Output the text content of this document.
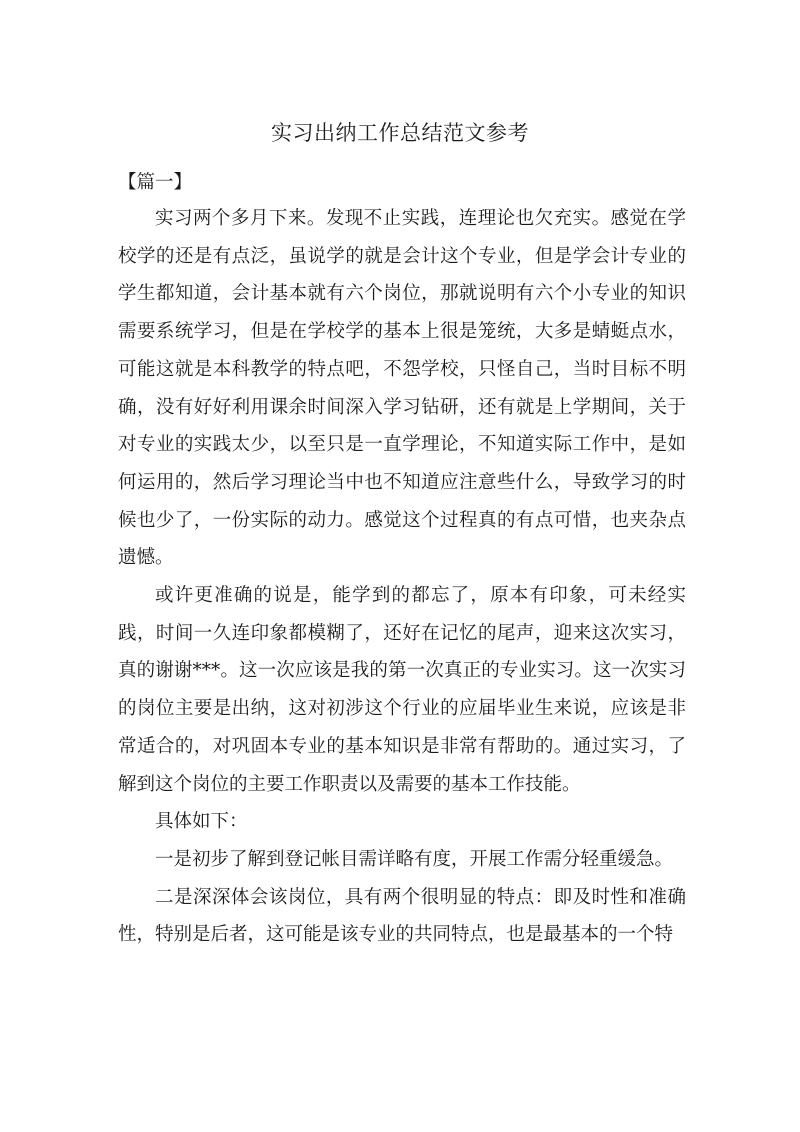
实习出纳工作总结范文参考
【篇一】

实习两个多月下来。发现不止实践，连理论也欠充实。感觉在学校学的还是有点泛，虽说学的就是会计这个专业，但是学会计专业的学生都知道，会计基本就有六个岗位，那就说明有六个小专业的知识需要系统学习，但是在学校学的基本上很是笼统，大多是蜻蜓点水，可能这就是本科教学的特点吧，不怨学校，只怪自己，当时目标不明确，没有好好利用课余时间深入学习钻研，还有就是上学期间，关于对专业的实践太少，以至只是一直学理论，不知道实际工作中，是如何运用的，然后学习理论当中也不知道应注意些什么，导致学习的时候也少了，一份实际的动力。感觉这个过程真的有点可惜，也夹杂点遗憾。

或许更准确的说是，能学到的都忘了，原本有印象，可未经实践，时间一久连印象都模糊了，还好在记忆的尾声，迎来这次实习，真的谢谢***。这一次应该是我的第一次真正的专业实习。这一次实习的岗位主要是出纳，这对初涉这个行业的应届毕业生来说，应该是非常适合的，对巩固本专业的基本知识是非常有帮助的。通过实习，了解到这个岗位的主要工作职责以及需要的基本工作技能。

具体如下：

一是初步了解到登记帐目需详略有度，开展工作需分轻重缓急。

二是深深体会该岗位，具有两个很明显的特点：即及时性和准确性，特别是后者，这可能是该专业的共同特点，也是最基本的一个特
